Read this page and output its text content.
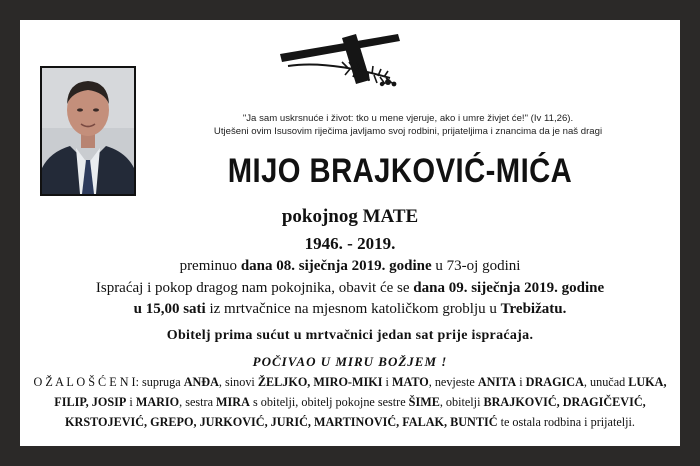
"Ja sam uskrsnuće i život: tko u mene vjeruje, ako i umre živjet će!" (Iv 11,26).
Utješeni ovim Isusovim riječima javljamo svoj rodbini, prijateljima i znancima da je naš dragi
MIJO BRAJKOVIĆ-MIĆA
pokojnog MATE
1946. - 2019.
preminuo dana 08. siječnja 2019. godine u 73-oj godini
Ispraćaj i pokop dragog nam pokojnika, obavit će se dana 09. siječnja 2019. godine
u 15,00 sati iz mrtvačnice na mjesnom katoličkom groblju u Trebižatu.
Obitelj prima sućut u mrtvačnici jedan sat prije ispraćaja.
POČIVAO U MIRU BOŽJEM !
O Ž A L O Š Ć E N I: supruga ANĐA, sinovi ŽELJKO, MIRO-MIKI i MATO, nevjeste ANITA i DRAGICA, unučad LUKA, FILIP, JOSIP i MARIO, sestra MIRA s obitelji, obitelj pokojne sestre ŠIME, obitelji BRAJKOVIĆ, DRAGIČEVIĆ, KRSTOJEVIĆ, GREPO, JURKOVIĆ, JURIĆ, MARTINOVIĆ, FALAK, BUNTIĆ te ostala rodbina i prijatelji.
